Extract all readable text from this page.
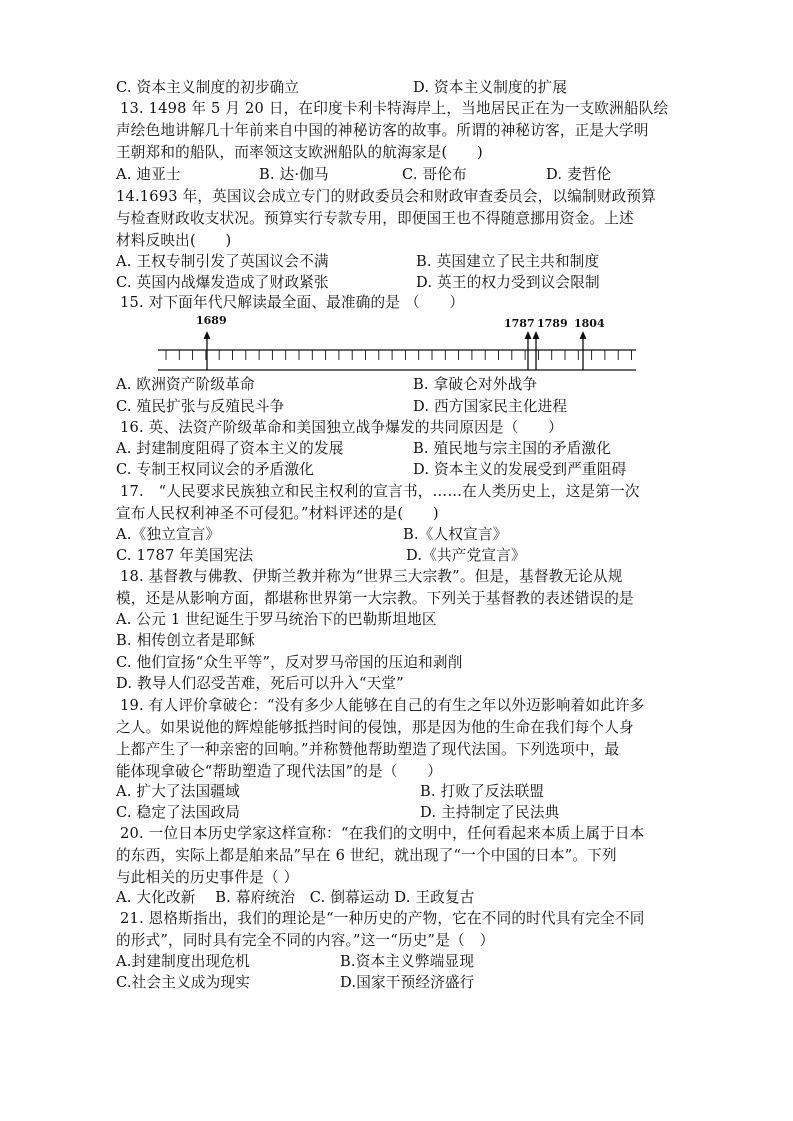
C. 资本主义制度的初步确立	D. 资本主义制度的扩展
13. 1498 年 5 月 20 日，在印度卡利卡特海岸上，当地居民正在为一支欧洲船队绘
声绘色地讲解几十年前来自中国的神秘访客的故事。所谓的神秘访客，正是大学明
王朝郑和的船队，而率领这支欧洲船队的航海家是(　　)
A. 迪亚士	B. 达·伽马	C. 哥伦布	D. 麦哲伦
14.1693 年，英国议会成立专门的财政委员会和财政审查委员会，以编制财政预算
与检查财政收支状况。预算实行专款专用，即便国王也不得随意挪用资金。上述
材料反映出(　　)
A. 王权专制引发了英国议会不满	B. 英国建立了民主共和制度
C. 英国内战爆发造成了财政紧张	D. 英王的权力受到议会限制
15. 对下面年代尺解读最全面、最准确的是 （　　）
1689	1787 1789 1804
A. 欧洲资产阶级革命	B. 拿破仑对外战争
C. 殖民扩张与反殖民斗争	D. 西方国家民主化进程
16. 英、法资产阶级革命和美国独立战争爆发的共同原因是（　　）
A. 封建制度阻碍了资本主义的发展	B. 殖民地与宗主国的矛盾激化
C. 专制王权同议会的矛盾激化	D. 资本主义的发展受到严重阻碍
17.　“人民要求民族独立和民主权利的宣言书，……在人类历史上，这是第一次
宣布人民权利神圣不可侵犯。”材料评述的是(　　)
A.《独立宣言》	B.《人权宣言》
C. 1787 年美国宪法	D.《共产党宣言》
18. 基督教与佛教、伊斯兰教并称为“世界三大宗教”。但是，基督教无论从规
模，还是从影响方面，都堪称世界第一大宗教。下列关于基督教的表述错误的是
A. 公元 1 世纪诞生于罗马统治下的巴勒斯坦地区
B. 相传创立者是耶稣
C. 他们宣扬“众生平等”，反对罗马帝国的压迫和剥削
D. 教导人们忍受苦难，死后可以升入“天堂”
19. 有人评价拿破仑：“没有多少人能够在自己的有生之年以外迈影响着如此许多
之人。如果说他的辉煌能够抵挡时间的侵蚀，那是因为他的生命在我们每个人身
上都产生了一种亲密的回响。”并称赞他帮助塑造了现代法国。下列选项中，最
能体现拿破仑“帮助塑造了现代法国”的是（　　）
A. 扩大了法国疆域	B. 打败了反法联盟
C. 稳定了法国政局	D. 主持制定了民法典
20. 一位日本历史学家这样宣称：“在我们的文明中，任何看起来本质上属于日本
的东西，实际上都是舶来品”早在 6 世纪，就出现了“一个中国的日本”。下列
与此相关的历史事件是（ ）
A. 大化改新　 B. 幕府统治　C. 倒幕运动 D. 王政复古
21. 恩格斯指出，我们的理论是“一种历史的产物，它在不同的时代具有完全不同
的形式”，同时具有完全不同的内容。”这一“历史”是（　）
A.封建制度出现危机	B.资本主义弊端显现
C.社会主义成为现实	D.国家干预经济盛行
